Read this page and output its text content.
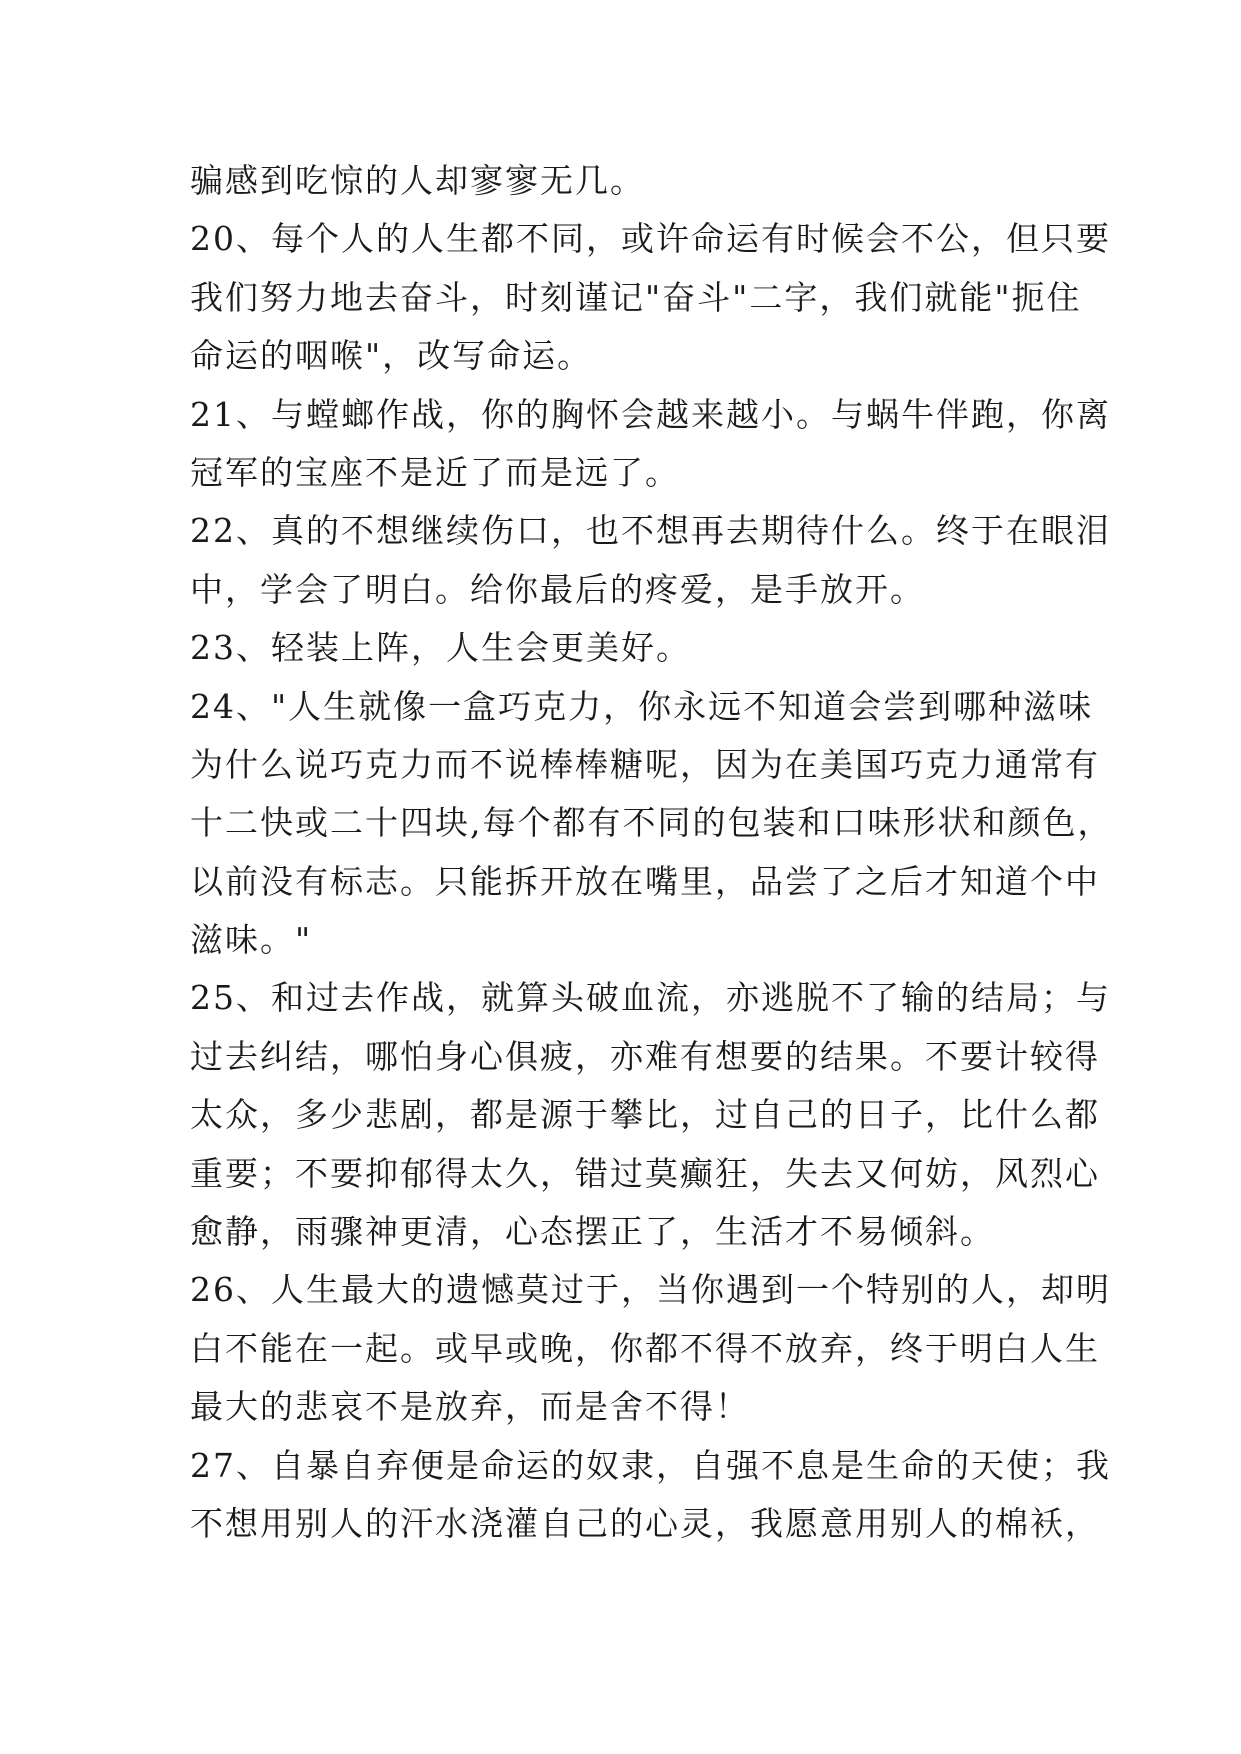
骗感到吃惊的人却寥寥无几。
20、每个人的人生都不同，或许命运有时候会不公，但只要
我们努力地去奋斗，时刻谨记"奋斗"二字，我们就能"扼住
命运的咽喉"，改写命运。
21、与螳螂作战，你的胸怀会越来越小。与蜗牛伴跑，你离
冠军的宝座不是近了而是远了。
22、真的不想继续伤口，也不想再去期待什么。终于在眼泪
中，学会了明白。给你最后的疼爱，是手放开。
23、轻装上阵，人生会更美好。
24、"人生就像一盒巧克力，你永远不知道会尝到哪种滋味
为什么说巧克力而不说棒棒糖呢，因为在美国巧克力通常有
十二快或二十四块,每个都有不同的包装和口味形状和颜色，
以前没有标志。只能拆开放在嘴里，品尝了之后才知道个中
滋味。"
25、和过去作战，就算头破血流，亦逃脱不了输的结局；与
过去纠结，哪怕身心俱疲，亦难有想要的结果。不要计较得
太众，多少悲剧，都是源于攀比，过自己的日子，比什么都
重要；不要抑郁得太久，错过莫癫狂，失去又何妨，风烈心
愈静，雨骤神更清，心态摆正了，生活才不易倾斜。
26、人生最大的遗憾莫过于，当你遇到一个特别的人，却明
白不能在一起。或早或晚，你都不得不放弃，终于明白人生
最大的悲哀不是放弃，而是舍不得！
27、自暴自弃便是命运的奴隶，自强不息是生命的天使；我
不想用别人的汗水浇灌自己的心灵，我愿意用别人的棉袄，
